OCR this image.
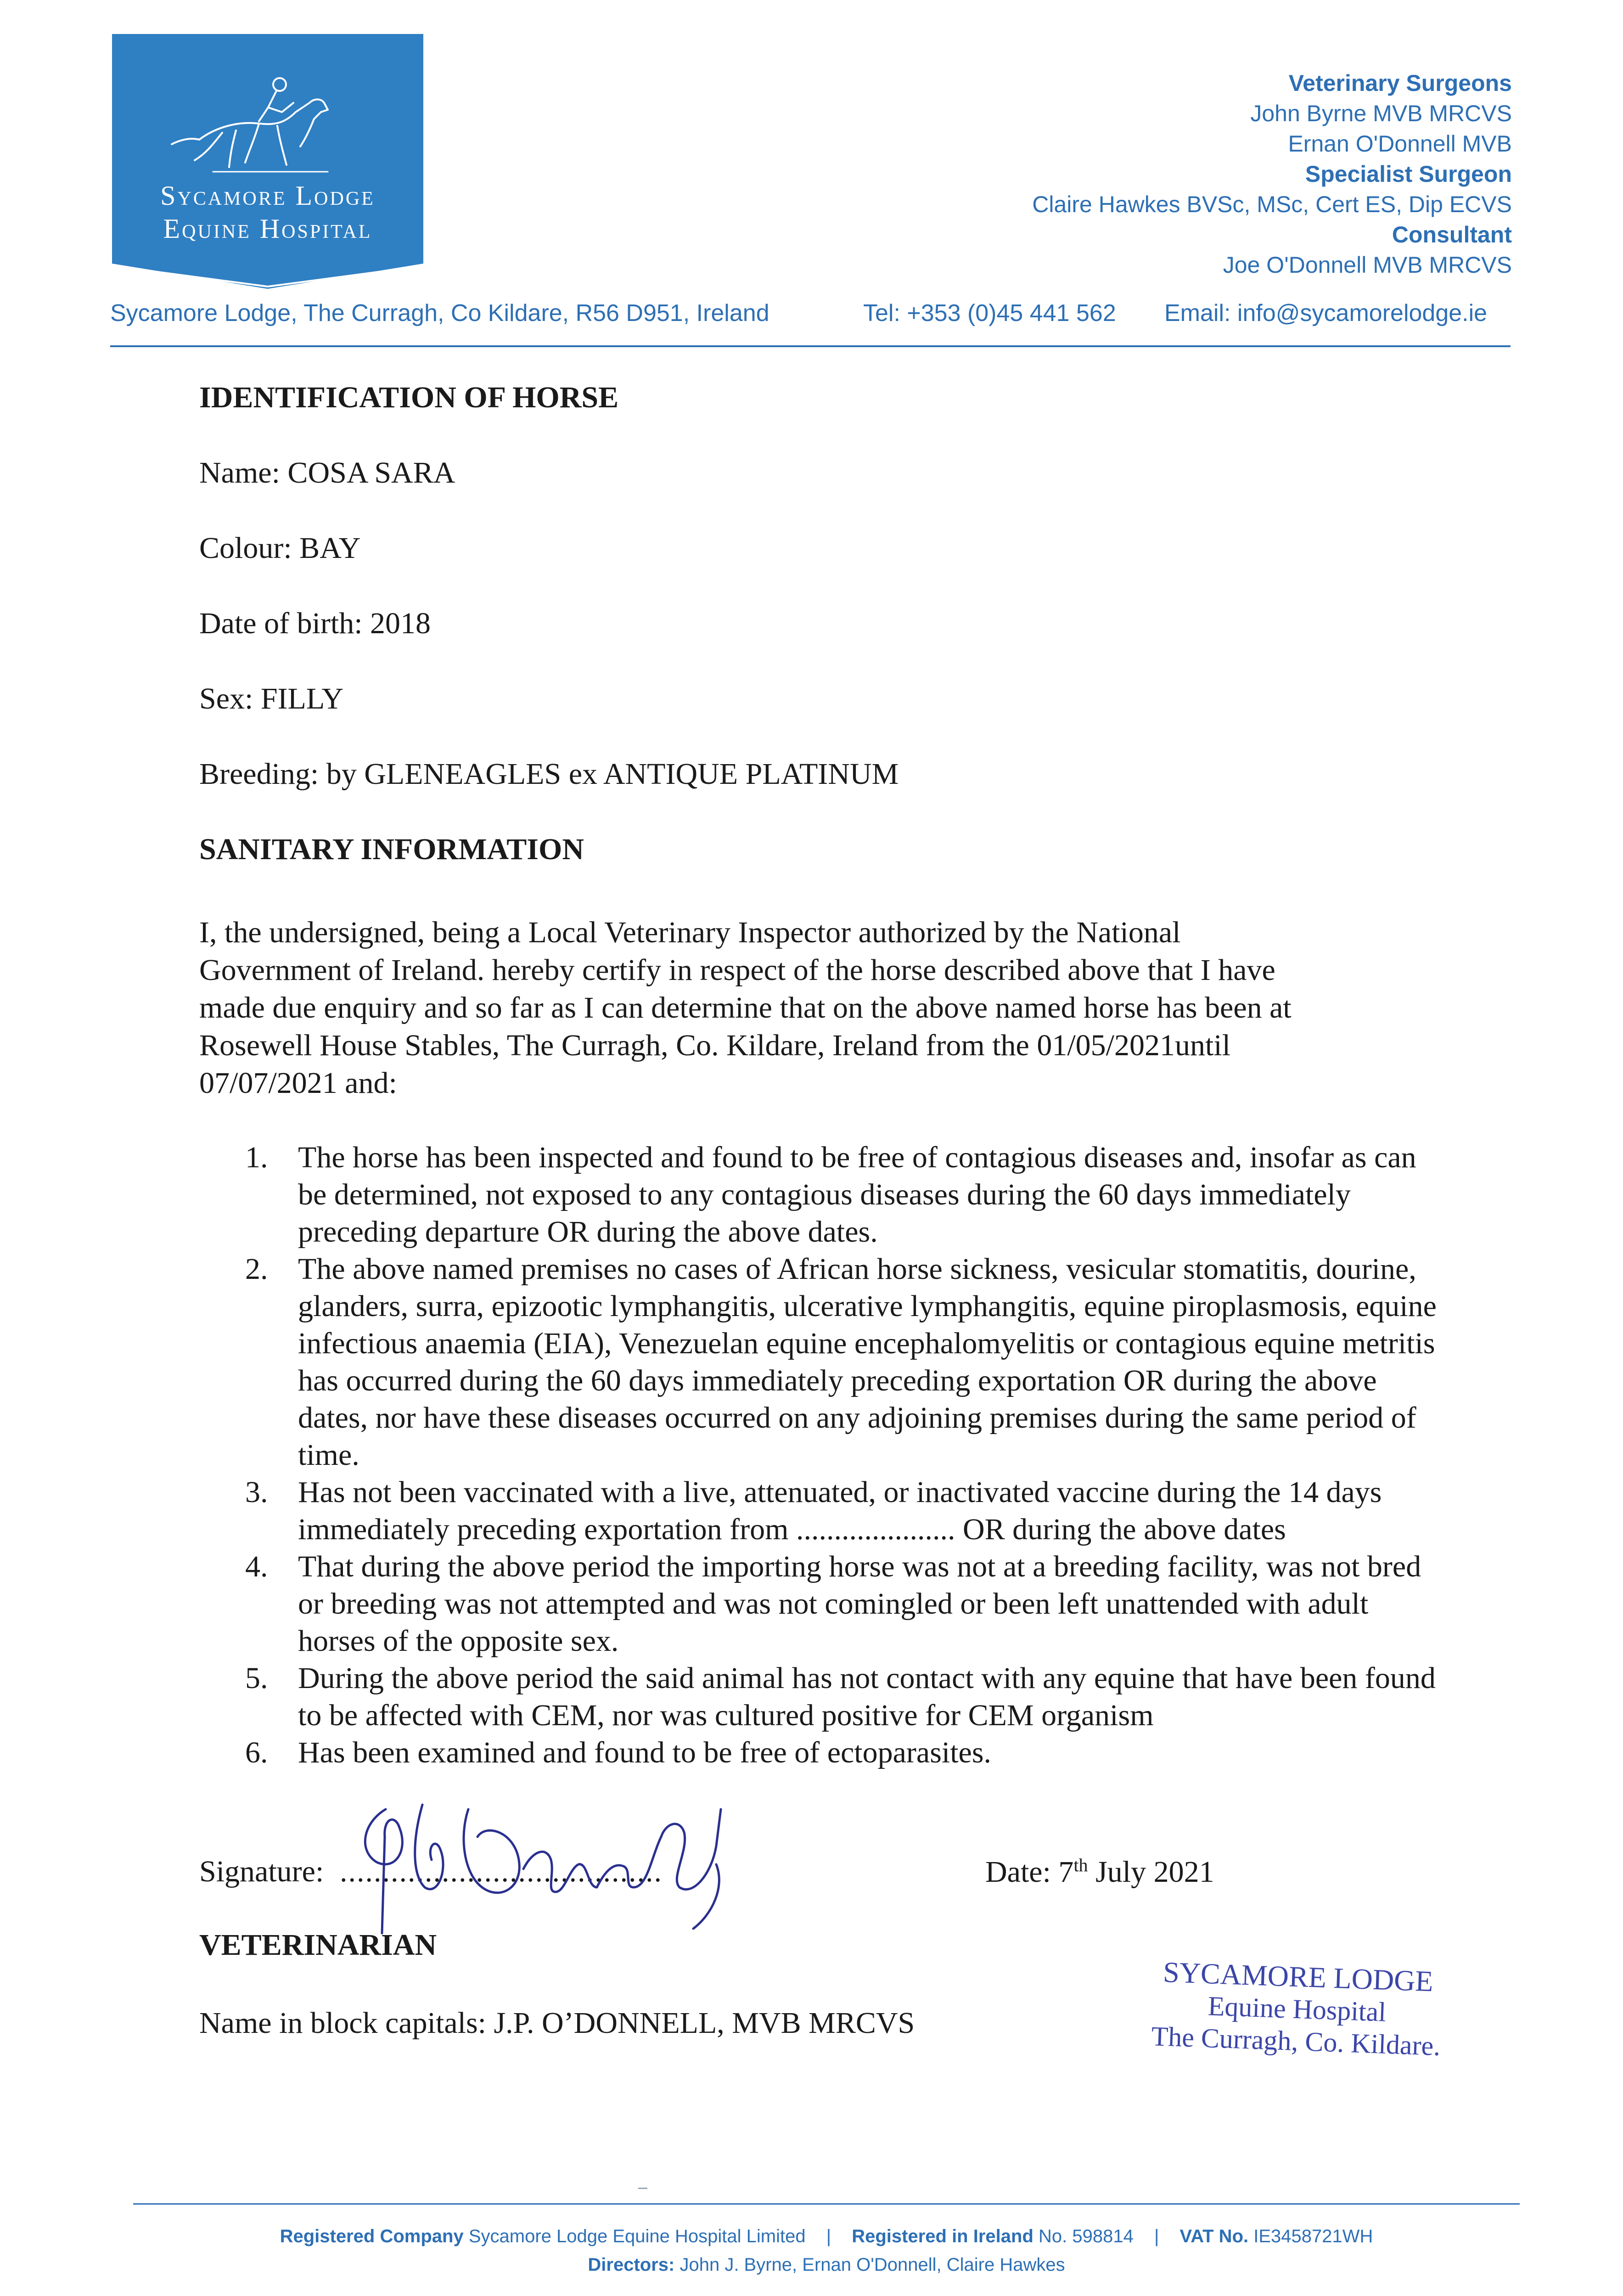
Sycamore Lodge
Equine Hospital
Veterinary Surgeons
John Byrne MVB MRCVS
Ernan O'Donnell MVB
Specialist Surgeon
Claire Hawkes BVSc, MSc, Cert ES, Dip ECVS
Consultant
Joe O'Donnell MVB MRCVS
Sycamore Lodge, The Curragh, Co Kildare, R56 D951, Ireland	Tel: +353 (0)45 441 562 Email: info@sycamorelodge.ie
IDENTIFICATION OF HORSE
Name: COSA SARA
Colour: BAY
Date of birth: 2018
Sex: FILLY
Breeding: by GLENEAGLES ex ANTIQUE PLATINUM
SANITARY INFORMATION
I, the undersigned, being a Local Veterinary Inspector authorized by the National Government of Ireland. hereby certify in respect of the horse described above that I have made due enquiry and so far as I can determine that on the above named horse has been at Rosewell House Stables, The Curragh, Co. Kildare, Ireland from the 01/05/2021until 07/07/2021 and:
1. The horse has been inspected and found to be free of contagious diseases and, insofar as can be determined, not exposed to any contagious diseases during the 60 days immediately preceding departure OR during the above dates.
2. The above named premises no cases of African horse sickness, vesicular stomatitis, dourine, glanders, surra, epizootic lymphangitis, ulcerative lymphangitis, equine piroplasmosis, equine infectious anaemia (EIA), Venezuelan equine encephalomyelitis or contagious equine metritis has occurred during the 60 days immediately preceding exportation OR during the above dates, nor have these diseases occurred on any adjoining premises during the same period of time.
3. Has not been vaccinated with a live, attenuated, or inactivated vaccine during the 14 days immediately preceding exportation from ..................... OR during the above dates
4. That during the above period the importing horse was not at a breeding facility, was not bred or breeding was not attempted and was not comingled or been left unattended with adult horses of the opposite sex.
5. During the above period the said animal has not contact with any equine that have been found to be affected with CEM, nor was cultured positive for CEM organism
6. Has been examined and found to be free of ectoparasites.
Signature: ......................................	Date: 7th July 2021
VETERINARIAN
Name in block capitals: J.P. O’DONNELL, MVB MRCVS
SYCAMORE LODGE
Equine Hospital
The Curragh, Co. Kildare.
Registered Company Sycamore Lodge Equine Hospital Limited | Registered in Ireland No. 598814 | VAT No. IE3458721WH
Directors: John J. Byrne, Ernan O'Donnell, Claire Hawkes
